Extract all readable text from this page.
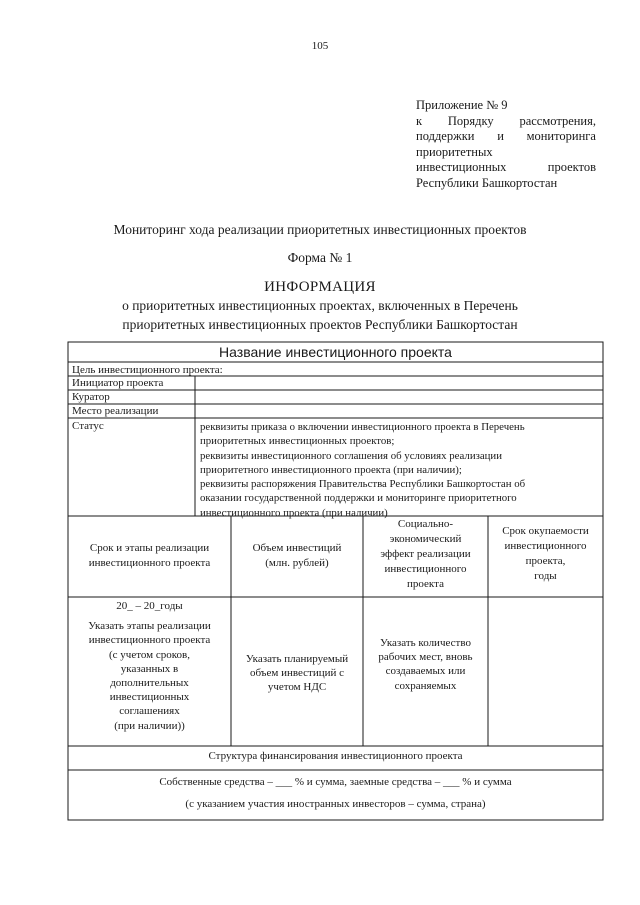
105
Приложение № 9
к Порядку рассмотрения,
поддержки и мониторинга
приоритетных
инвестиционных	проектов
Республики Башкортостан
Мониторинг хода реализации приоритетных инвестиционных проектов
Форма № 1
ИНФОРМАЦИЯ
о приоритетных инвестиционных проектах, включенных в Перечень
приоритетных инвестиционных проектов Республики Башкортостан
Название инвестиционного проекта
Цель инвестиционного проекта:
Инициатор проекта
Куратор
Место реализации
Статус	реквизиты приказа о включении инвестиционного проекта в Перечень
приоритетных инвестиционных проектов;
реквизиты инвестиционного соглашения об условиях реализации
приоритетного инвестиционного проекта (при наличии);
реквизиты распоряжения Правительства Республики Башкортостан об
оказании государственной поддержки и мониторинге приоритетного
инвестиционного проекта (при наличии)
Срок и этапы реализации
инвестиционного проекта
Объем инвестиций
(млн. рублей)
Социально-
экономический
эффект реализации
инвестиционного
проекта
Срок окупаемости
инвестиционного
проекта,
годы
20_ – 20_годы
Указать этапы реализации
инвестиционного проекта
(с учетом сроков,
указанных в
дополнительных
инвестиционных
соглашениях
(при наличии))
Указать планируемый
объем инвестиций с
учетом НДС
Указать количество
рабочих мест, вновь
создаваемых или
сохраняемых
Структура финансирования инвестиционного проекта
Собственные средства – ___ % и сумма, заемные средства – ___ % и сумма
(с указанием участия иностранных инвесторов – сумма, страна)
